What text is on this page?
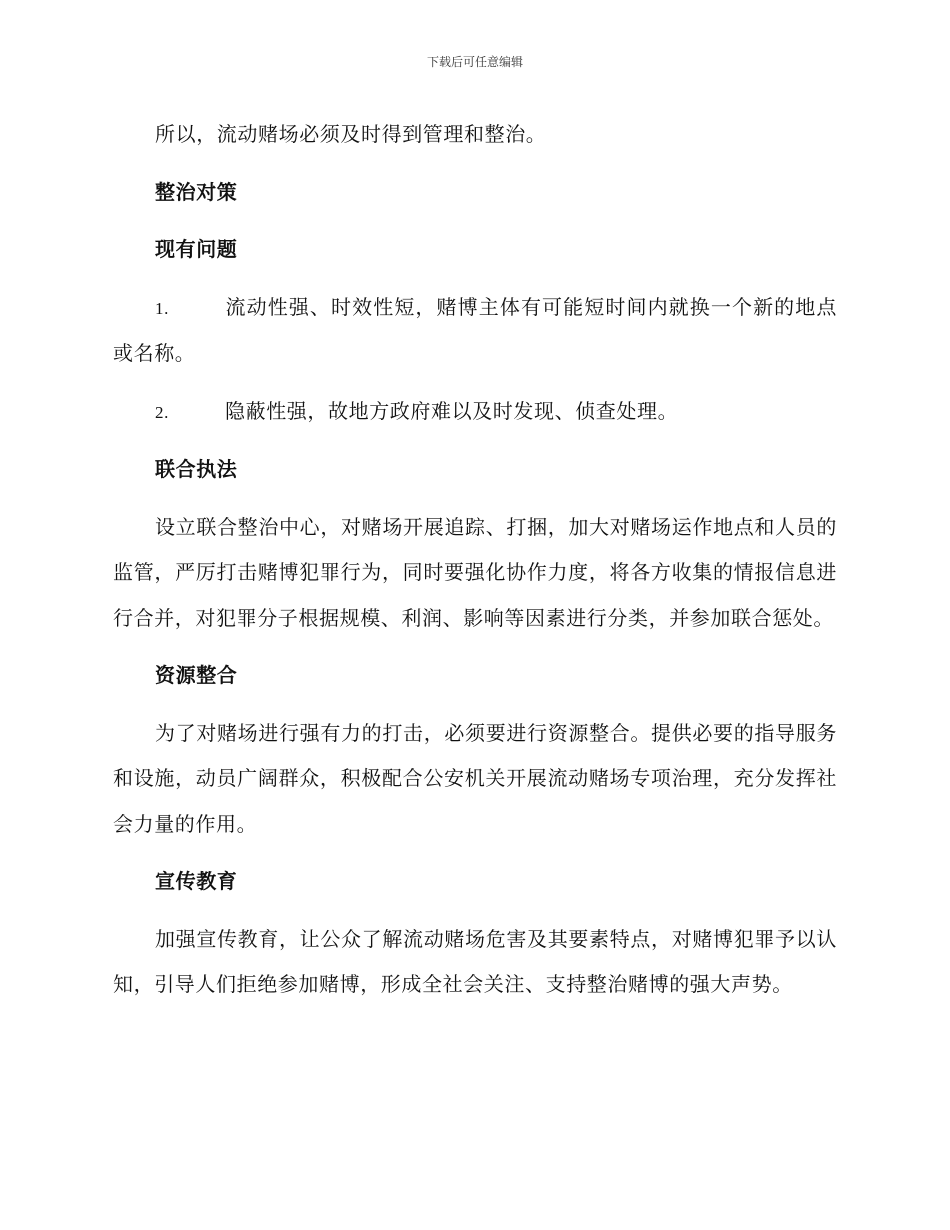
下载后可任意编辑

所以，流动赌场必须及时得到管理和整治。

整治对策
现有问题

1.	流动性强、时效性短，赌博主体有可能短时间内就换一个新的地点或名称。

2.	隐蔽性强，故地方政府难以及时发现、侦查处理。

联合执法

设立联合整治中心，对赌场开展追踪、打捆，加大对赌场运作地点和人员的监管，严厉打击赌博犯罪行为，同时要强化协作力度，将各方收集的情报信息进行合并，对犯罪分子根据规模、利润、影响等因素进行分类，并参加联合惩处。

资源整合

为了对赌场进行强有力的打击，必须要进行资源整合。提供必要的指导服务和设施，动员广阔群众，积极配合公安机关开展流动赌场专项治理，充分发挥社会力量的作用。

宣传教育

加强宣传教育，让公众了解流动赌场危害及其要素特点，对赌博犯罪予以认知，引导人们拒绝参加赌博，形成全社会关注、支持整治赌博的强大声势。
